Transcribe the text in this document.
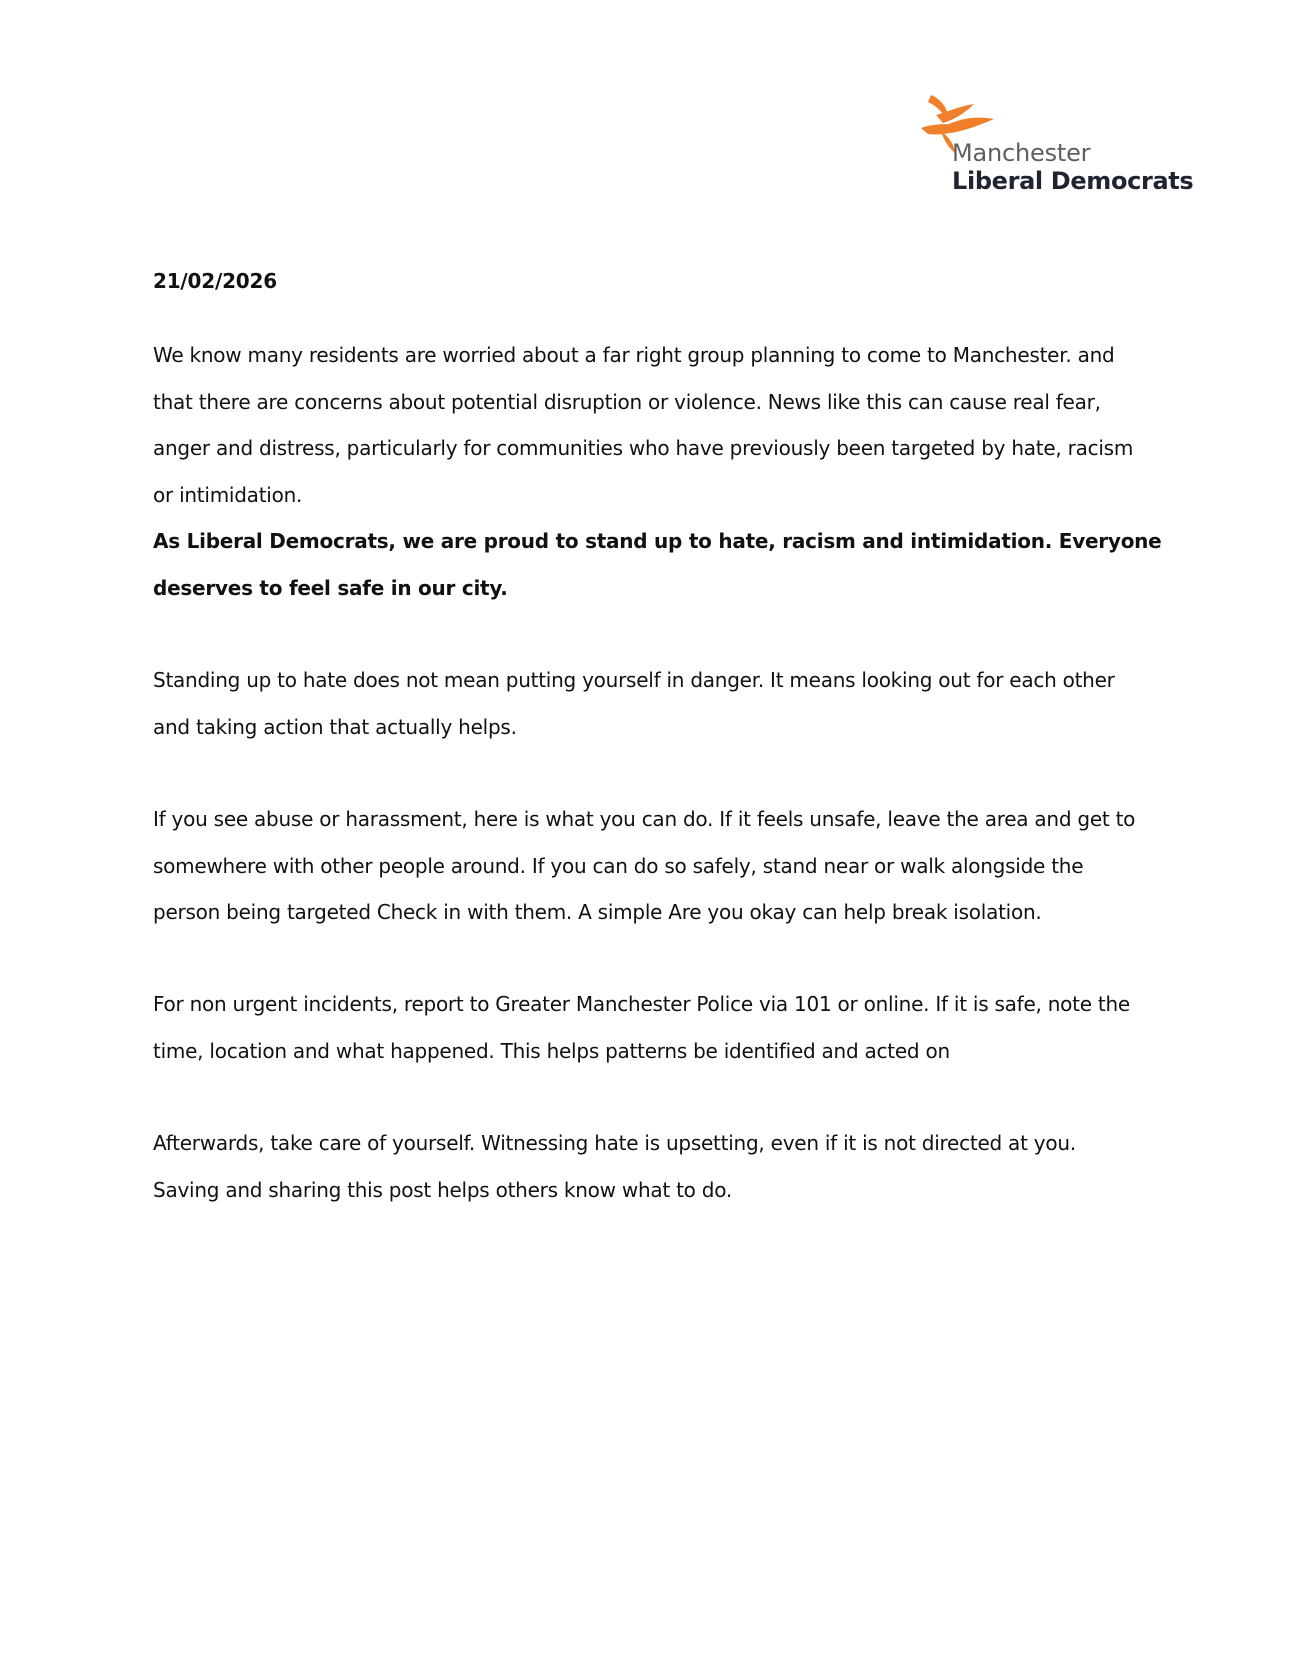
Manchester
Liberal Democrats
21/02/2026
We know many residents are worried about a far right group planning to come to Manchester. and
that there are concerns about potential disruption or violence. News like this can cause real fear,
anger and distress, particularly for communities who have previously been targeted by hate, racism
or intimidation.
As Liberal Democrats, we are proud to stand up to hate, racism and intimidation. Everyone
deserves to feel safe in our city.
Standing up to hate does not mean putting yourself in danger. It means looking out for each other
and taking action that actually helps.
If you see abuse or harassment, here is what you can do. If it feels unsafe, leave the area and get to
somewhere with other people around. If you can do so safely, stand near or walk alongside the
person being targeted Check in with them. A simple Are you okay can help break isolation.
For non urgent incidents, report to Greater Manchester Police via 101 or online. If it is safe, note the
time, location and what happened. This helps patterns be identified and acted on
Afterwards, take care of yourself. Witnessing hate is upsetting, even if it is not directed at you.
Saving and sharing this post helps others know what to do.
